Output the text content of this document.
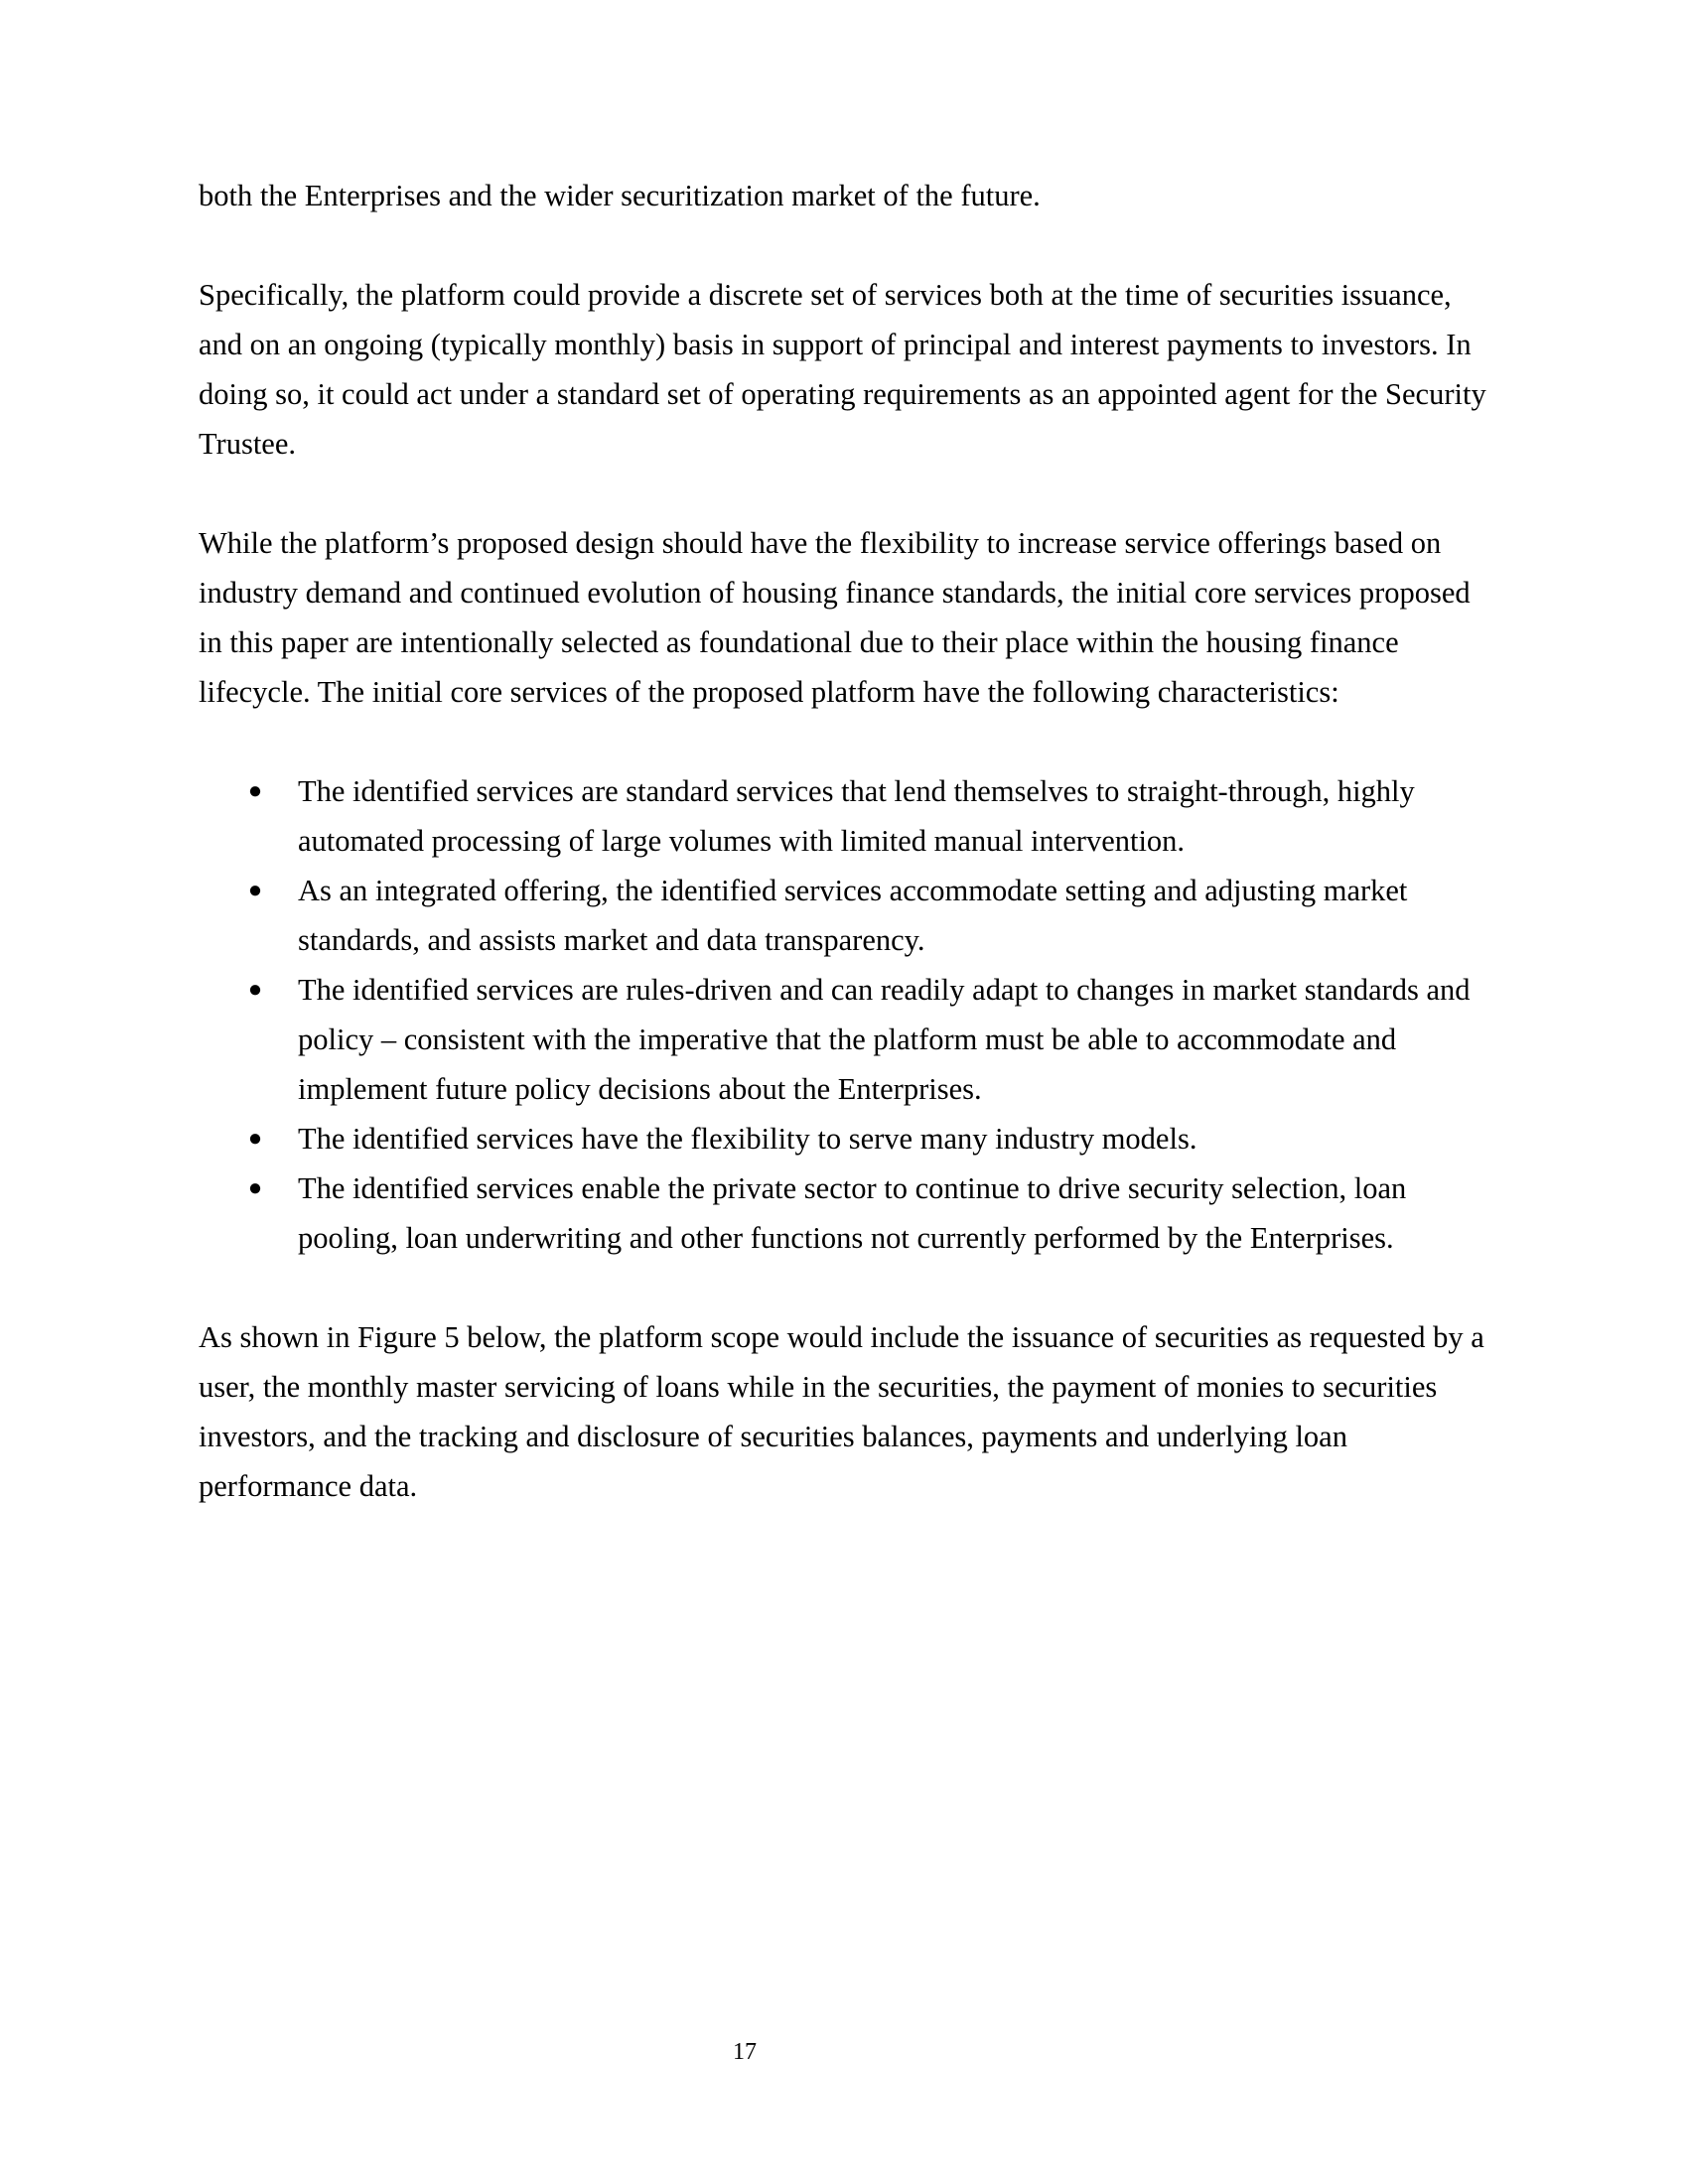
both the Enterprises and the wider securitization market of the future.

Specifically, the platform could provide a discrete set of services both at the time of securities issuance, and on an ongoing (typically monthly) basis in support of principal and interest payments to investors. In doing so, it could act under a standard set of operating requirements as an appointed agent for the Security Trustee.

While the platform’s proposed design should have the flexibility to increase service offerings based on industry demand and continued evolution of housing finance standards, the initial core services proposed in this paper are intentionally selected as foundational due to their place within the housing finance lifecycle. The initial core services of the proposed platform have the following characteristics:

● The identified services are standard services that lend themselves to straight-through, highly automated processing of large volumes with limited manual intervention.
● As an integrated offering, the identified services accommodate setting and adjusting market standards, and assists market and data transparency.
● The identified services are rules-driven and can readily adapt to changes in market standards and policy – consistent with the imperative that the platform must be able to accommodate and implement future policy decisions about the Enterprises.
● The identified services have the flexibility to serve many industry models.
● The identified services enable the private sector to continue to drive security selection, loan pooling, loan underwriting and other functions not currently performed by the Enterprises.

As shown in Figure 5 below, the platform scope would include the issuance of securities as requested by a user, the monthly master servicing of loans while in the securities, the payment of monies to securities investors, and the tracking and disclosure of securities balances, payments and underlying loan performance data.

17
